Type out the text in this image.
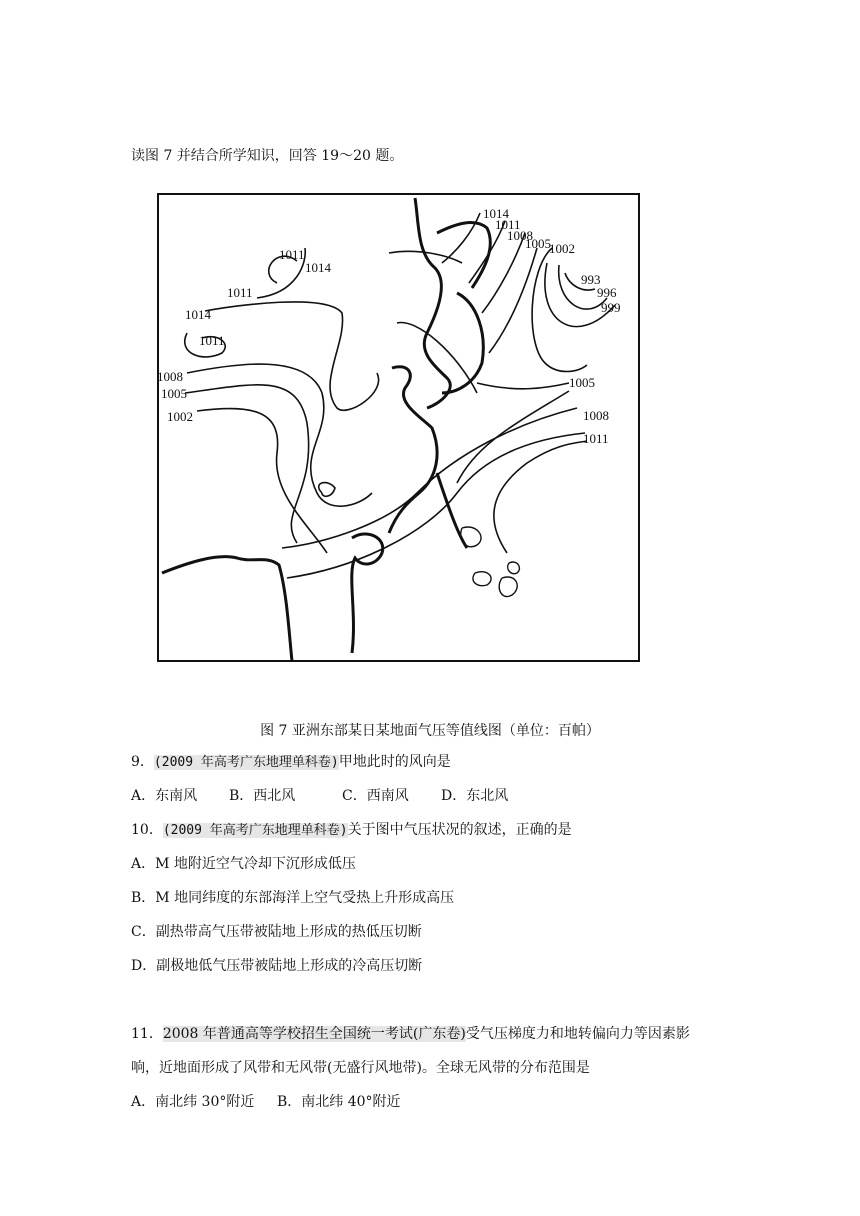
读图 7 并结合所学知识，回答 19～20 题。
1014
1011
1008
1005
1002
993
996
999
1011
1014
1011
1014
1011
1008
1005
1002
1005
1008
1011
图 7 亚洲东部某日某地面气压等值线图（单位：百帕）
9．(2009 年高考广东地理单科卷)甲地此时的风向是
A．东南风 B．西北风	C．西南风 D．东北风
10．(2009 年高考广东地理单科卷)关于图中气压状况的叙述，正确的是
A．M 地附近空气冷却下沉形成低压
B．M 地同纬度的东部海洋上空气受热上升形成高压
C．副热带高气压带被陆地上形成的热低压切断
D．副极地低气压带被陆地上形成的冷高压切断
11．2008 年普通高等学校招生全国统一考试(广东卷)受气压梯度力和地转偏向力等因素影
响，近地面形成了风带和无风带(无盛行风地带)。全球无风带的分布范围是
A．南北纬 30°附近 B．南北纬 40°附近
